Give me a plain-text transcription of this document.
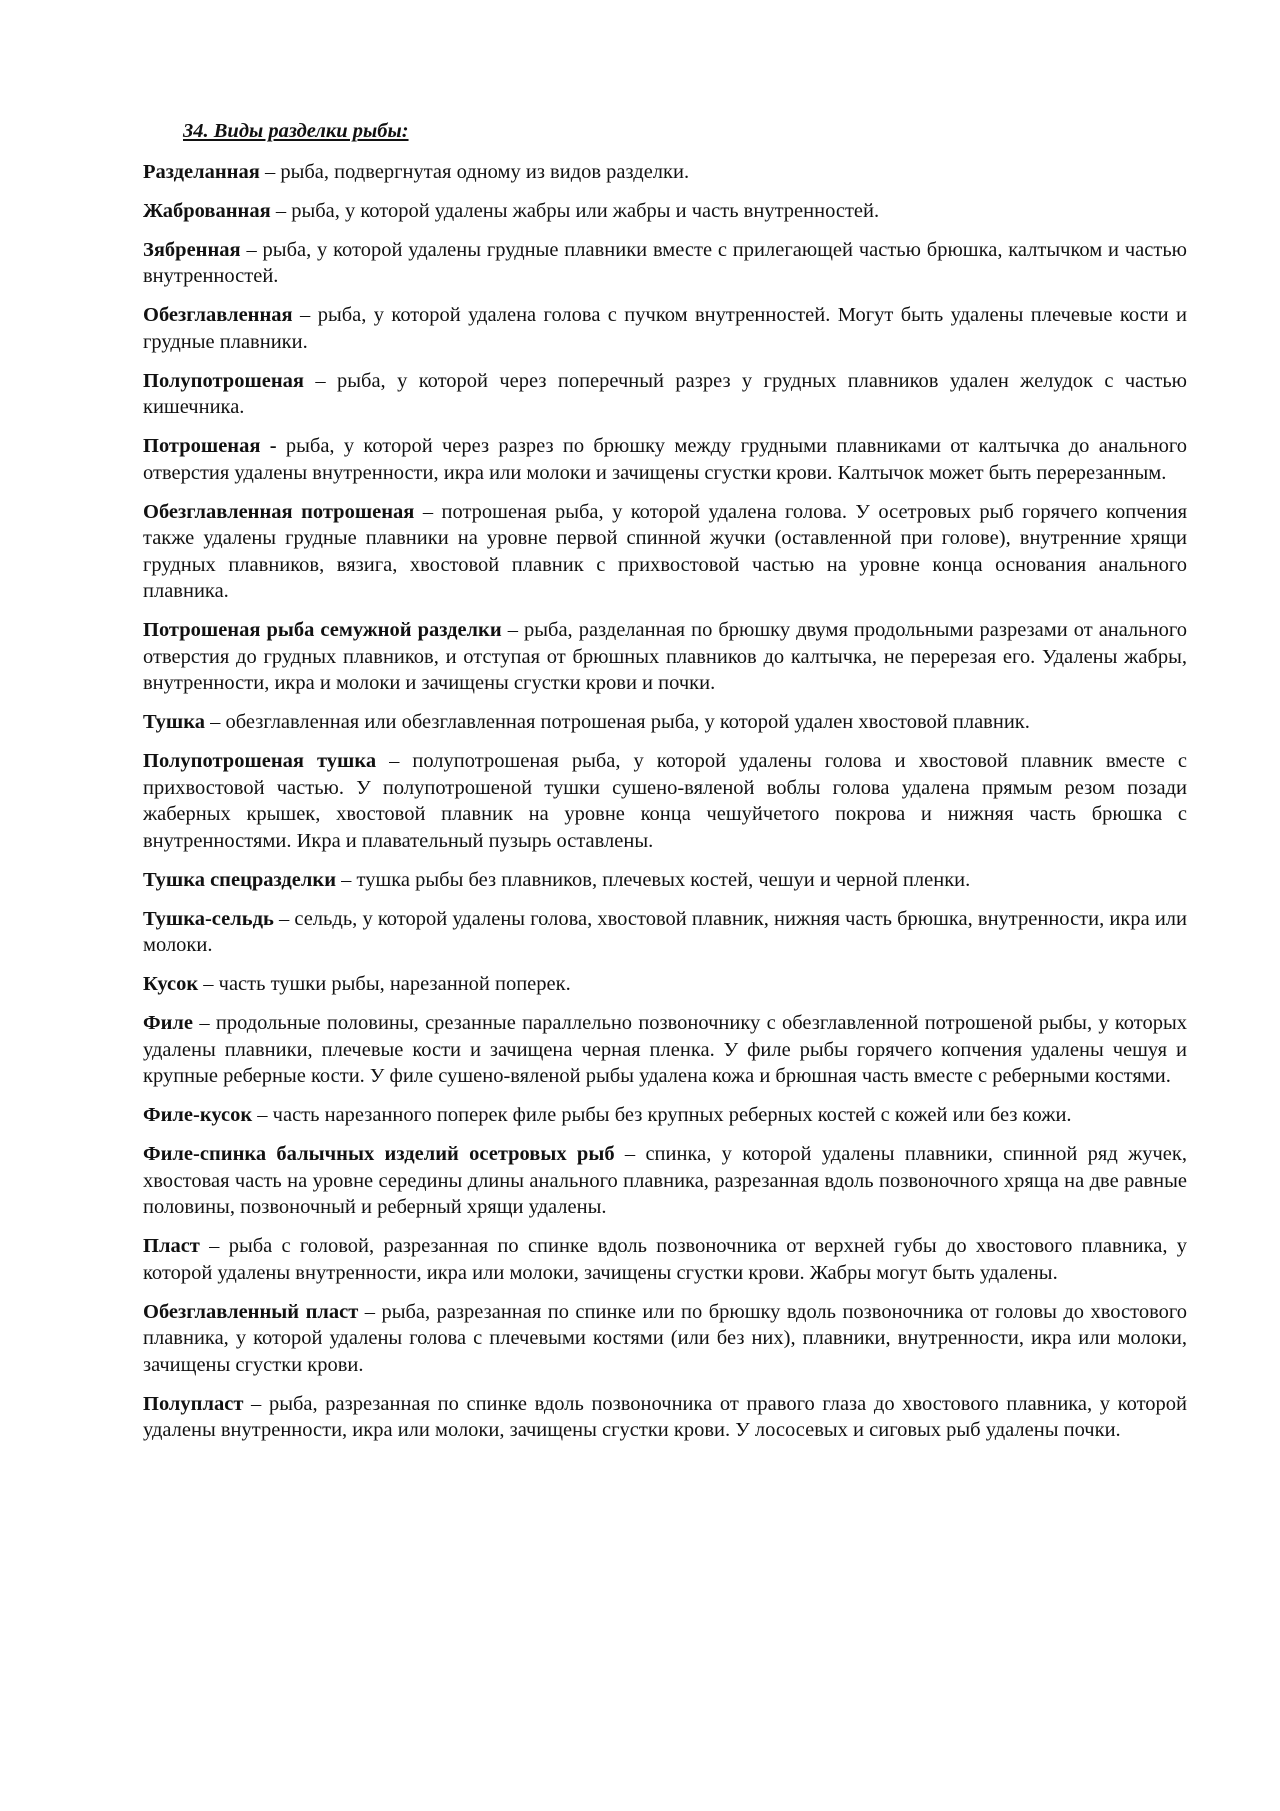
34. Виды разделки рыбы:

Разделанная – рыба, подвергнутая одному из видов разделки.

Жаброванная – рыба, у которой удалены жабры или жабры и часть внутренностей.

Зябренная – рыба, у которой удалены грудные плавники вместе с прилегающей частью брюшка, калтычком и частью внутренностей.

Обезглавленная – рыба, у которой удалена голова с пучком внутренностей. Могут быть удалены плечевые кости и грудные плавники.

Полупотрошеная – рыба, у которой через поперечный разрез у грудных плавников удален желудок с частью кишечника.

Потрошеная - рыба, у которой через разрез по брюшку между грудными плавниками от калтычка до анального отверстия удалены внутренности, икра или молоки и зачищены сгустки крови. Калтычок может быть перерезанным.

Обезглавленная потрошеная – потрошеная рыба, у которой удалена голова. У осетровых рыб горячего копчения также удалены грудные плавники на уровне первой спинной жучки (оставленной при голове), внутренние хрящи грудных плавников, вязига, хвостовой плавник с прихвостовой частью на уровне конца основания анального плавника.

Потрошеная рыба семужной разделки – рыба, разделанная по брюшку двумя продольными разрезами от анального отверстия до грудных плавников, и отступая от брюшных плавников до калтычка, не перерезая его. Удалены жабры, внутренности, икра и молоки и зачищены сгустки крови и почки.

Тушка – обезглавленная или обезглавленная потрошеная рыба, у которой удален хвостовой плавник.

Полупотрошеная тушка – полупотрошеная рыба, у которой удалены голова и хвостовой плавник вместе с прихвостовой частью. У полупотрошеной тушки сушено-вяленой воблы голова удалена прямым резом позади жаберных крышек, хвостовой плавник на уровне конца чешуйчетого покрова и нижняя часть брюшка с внутренностями. Икра и плавательный пузырь оставлены.

Тушка спецразделки – тушка рыбы без плавников, плечевых костей, чешуи и черной пленки.

Тушка-сельдь – сельдь, у которой удалены голова, хвостовой плавник, нижняя часть брюшка, внутренности, икра или молоки.

Кусок – часть тушки рыбы, нарезанной поперек.

Филе – продольные половины, срезанные параллельно позвоночнику с обезглавленной потрошеной рыбы, у которых удалены плавники, плечевые кости и зачищена черная пленка. У филе рыбы горячего копчения удалены чешуя и крупные реберные кости. У филе сушено-вяленой рыбы удалена кожа и брюшная часть вместе с реберными костями.

Филе-кусок – часть нарезанного поперек филе рыбы без крупных реберных костей с кожей или без кожи.

Филе-спинка балычных изделий осетровых рыб – спинка, у которой удалены плавники, спинной ряд жучек, хвостовая часть на уровне середины длины анального плавника, разрезанная вдоль позвоночного хряща на две равные половины, позвоночный и реберный хрящи удалены.

Пласт – рыба с головой, разрезанная по спинке вдоль позвоночника от верхней губы до хвостового плавника, у которой удалены внутренности, икра или молоки, зачищены сгустки крови. Жабры могут быть удалены.

Обезглавленный пласт – рыба, разрезанная по спинке или по брюшку вдоль позвоночника от головы до хвостового плавника, у которой удалены голова с плечевыми костями (или без них), плавники, внутренности, икра или молоки, зачищены сгустки крови.

Полупласт – рыба, разрезанная по спинке вдоль позвоночника от правого глаза до хвостового плавника, у которой удалены внутренности, икра или молоки, зачищены сгустки крови. У лососевых и сиговых рыб удалены почки.
